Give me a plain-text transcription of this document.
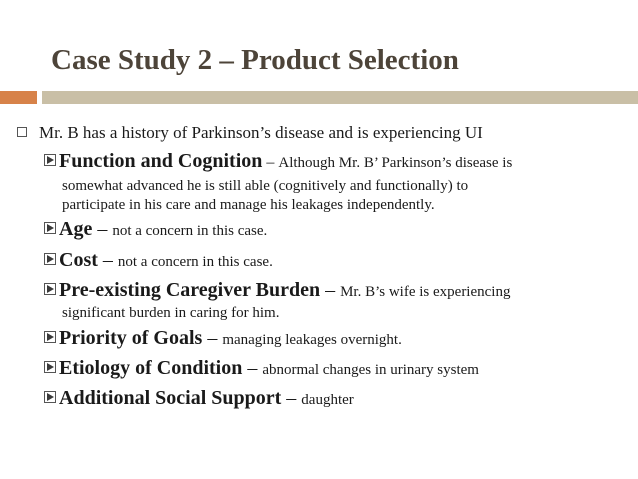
Case Study 2 – Product Selection
Mr. B has a history of Parkinson’s disease and is experiencing UI
Function and Cognition – Although Mr. B’ Parkinson’s disease is
somewhat advanced he is still able (cognitively and functionally) to
participate in his care and manage his leakages independently.
Age – not a concern in this case.
Cost – not a concern in this case.
Pre-existing Caregiver Burden – Mr. B’s wife is experiencing
significant burden in caring for him.
Priority of Goals – managing leakages overnight.
Etiology of Condition – abnormal changes in urinary system
Additional Social Support – daughter
